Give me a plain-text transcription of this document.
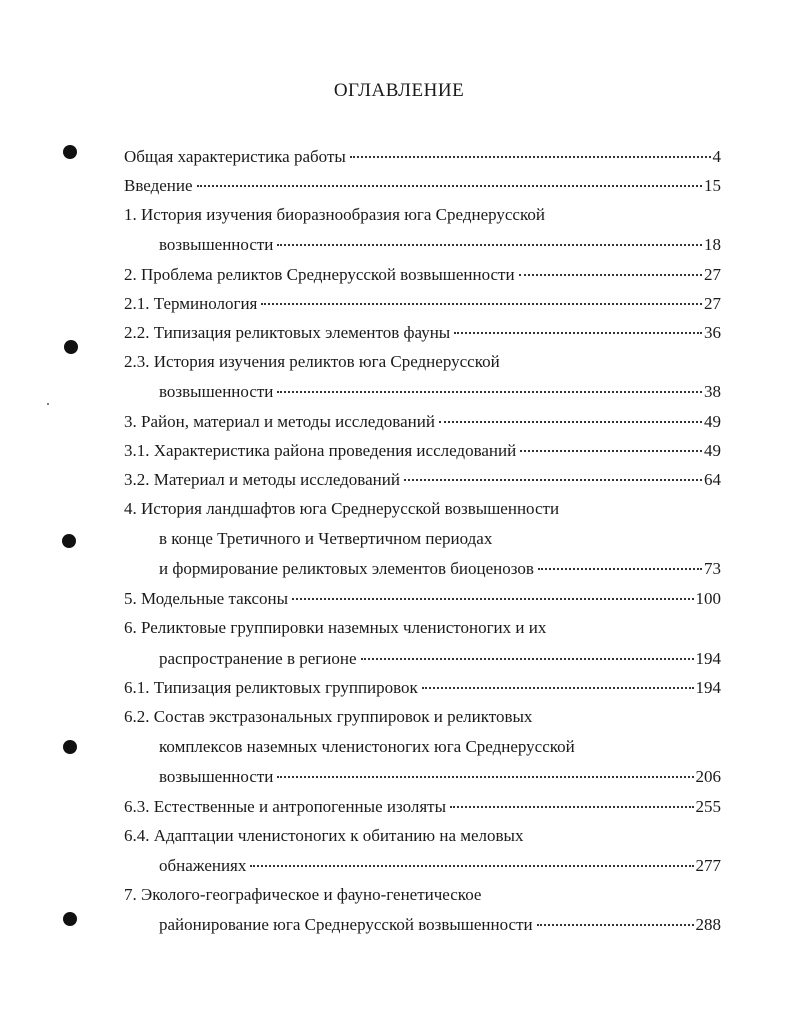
ОГЛАВЛЕНИЕ
Общая характеристика работы	4
Введение	15
1. История изучения биоразнообразия юга Среднерусской
возвышенности	18
2. Проблема реликтов Среднерусской возвышенности	27
2.1. Терминология	27
2.2. Типизация реликтовых элементов фауны	36
2.3. История изучения реликтов юга Среднерусской
возвышенности	38
3. Район, материал и методы исследований	49
3.1. Характеристика района проведения исследований	49
3.2. Материал и методы исследований	64
4. История ландшафтов юга Среднерусской возвышенности
в конце Третичного и Четвертичном периодах
и формирование реликтовых элементов биоценозов	73
5. Модельные таксоны	100
6. Реликтовые группировки наземных членистоногих и их
распространение в регионе	194
6.1. Типизация реликтовых группировок	194
6.2. Состав экстразональных группировок и реликтовых
комплексов наземных членистоногих юга Среднерусской
возвышенности	206
6.3. Естественные и антропогенные изоляты	255
6.4. Адаптации членистоногих к обитанию на меловых
обнажениях	277
7. Эколого-географическое и фауно-генетическое
районирование юга Среднерусской возвышенности	288
